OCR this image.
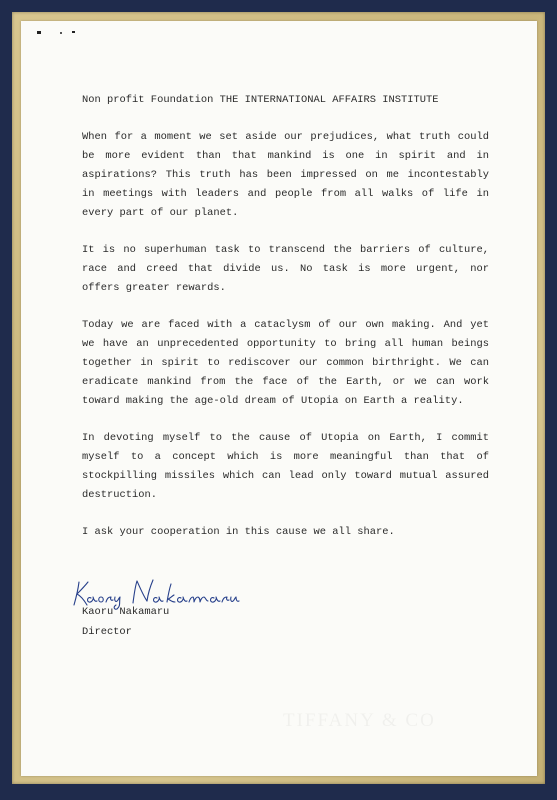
Non profit Foundation THE INTERNATIONAL AFFAIRS INSTITUTE
When for a moment we set aside our prejudices, what truth could
be more evident than that mankind is one in spirit and in
aspirations? This truth has been impressed on me incontestably
in meetings with leaders and people from all walks of life in
every part of our planet.
It is no superhuman task to transcend the barriers of culture,
race and creed that divide us. No task is more urgent, nor
offers greater rewards.
Today we are faced with a cataclysm of our own making. And yet
we have an unprecedented opportunity to bring all human beings
together in spirit to rediscover our common birthright. We can
eradicate mankind from the face of the Earth, or we can work
toward making the age-old dream of Utopia on Earth a reality.
In devoting myself to the cause of Utopia on Earth, I commit
myself to a concept which is more meaningful than that of
stockpilling missiles which can lead only toward mutual assured
destruction.
I ask your cooperation in this cause we all share.
Kaoru Nakamaru
Director
